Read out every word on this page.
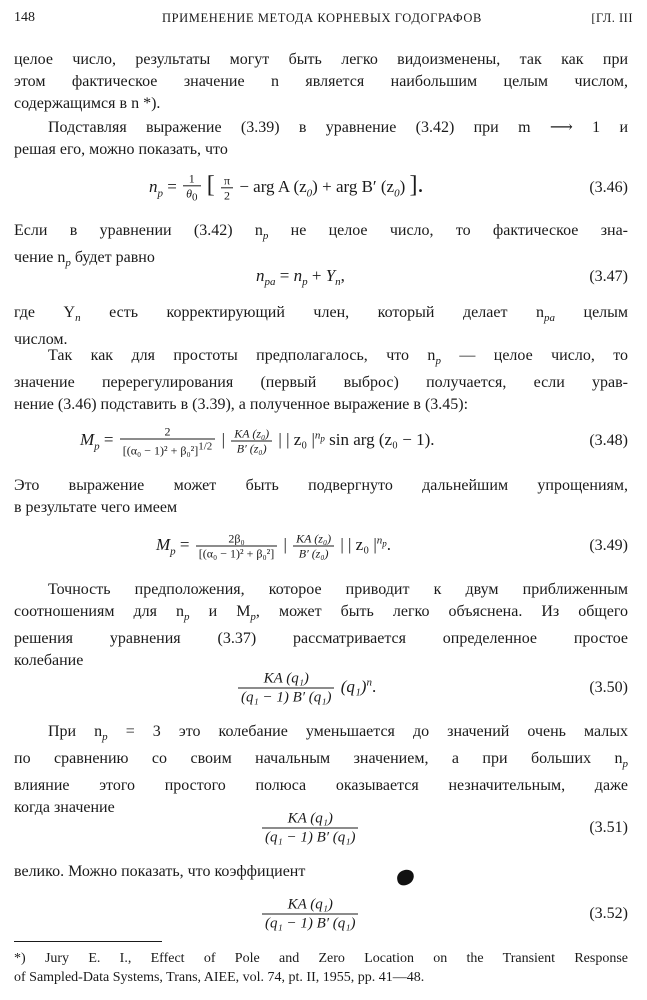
148	ПРИМЕНЕНИЕ МЕТОДА КОРНЕВЫХ ГОДОГРАФОВ	[ГЛ. III
целое число, результаты могут быть легко видоизменены, так как при
этом фактическое значение n является наибольшим целым числом,
содержащимся в n *).
Подставляя выражение (3.39) в уравнение (3.42) при m ⟶ 1 и
решая его, можно показать, что
$n_p = \frac{1}{\theta_0}$ [ $\frac{\pi}{2}$ − arg A $(z_0)$ + arg B′ $(z_0)$ ].	(3.46)
Если в уравнении (3.42) $n_p$ не целое число, то фактическое зна-
чение $n_p$ будет равно
$n_{pa} = n_p + Y_n$,	(3.47)
где $Y_n$ есть корректирующий член, который делает $n_{pa}$ целым
числом.
Так как для простоты предполагалось, что $n_p$ — целое число, то
значение перерегулирования (первый выброс) получается, если урав-
нение (3.46) подставить в (3.39), а полученное выражение в (3.45):
$M_p = \frac{2}{[(\alpha_0 - 1)^2 + \beta_0^2]^{1/2}}$ | $\frac{\text{KA (z₀)}}{\text{B′ (z₀)}}$ | | z₀ $|^{n_p}$ sin arg (z₀ − 1).	(3.48)
Это выражение может быть подвергнуто дальнейшим упрощениям,
в результате чего имеем
$M_p = \frac{\text{2β₀}}{\text{[(α₀ − 1)² + β₀²]}}$ | $\frac{\text{KA (z₀)}}{\text{B′ (z₀)}}$ | | z₀ $|^{n_p}$.	(3.49)
Точность предположения, которое приводит к двум приближенным
соотношениям для $n_p$ и $M_p$, может быть легко объяснена. Из общего
решения уравнения (3.37) рассматривается определенное простое
колебание
$\frac{\text{KA (q₁)}}{\text{(q₁ − 1) B′ (q₁)}} (q_1)^n$.	(3.50)
При $n_p = 3$ это колебание уменьшается до значений очень малых
по сравнению со своим начальным значением, а при больших $n_p$
влияние этого простого полюса оказывается незначительным, даже
когда значение
$\frac{\text{KA (q₁)}}{\text{(q₁ − 1) B′ (q₁)}}$	(3.51)
велико. Можно показать, что коэффициент
$\frac{\text{KA (q₁)}}{\text{(q₁ − 1) B′ (q₁)}}$	(3.52)
*) Jury E. I., Effect of Pole and Zero Location on the Transient Response
of Sampled-Data Systems, Trans, AIEE, vol. 74, pt. II, 1955, pp. 41—48.
